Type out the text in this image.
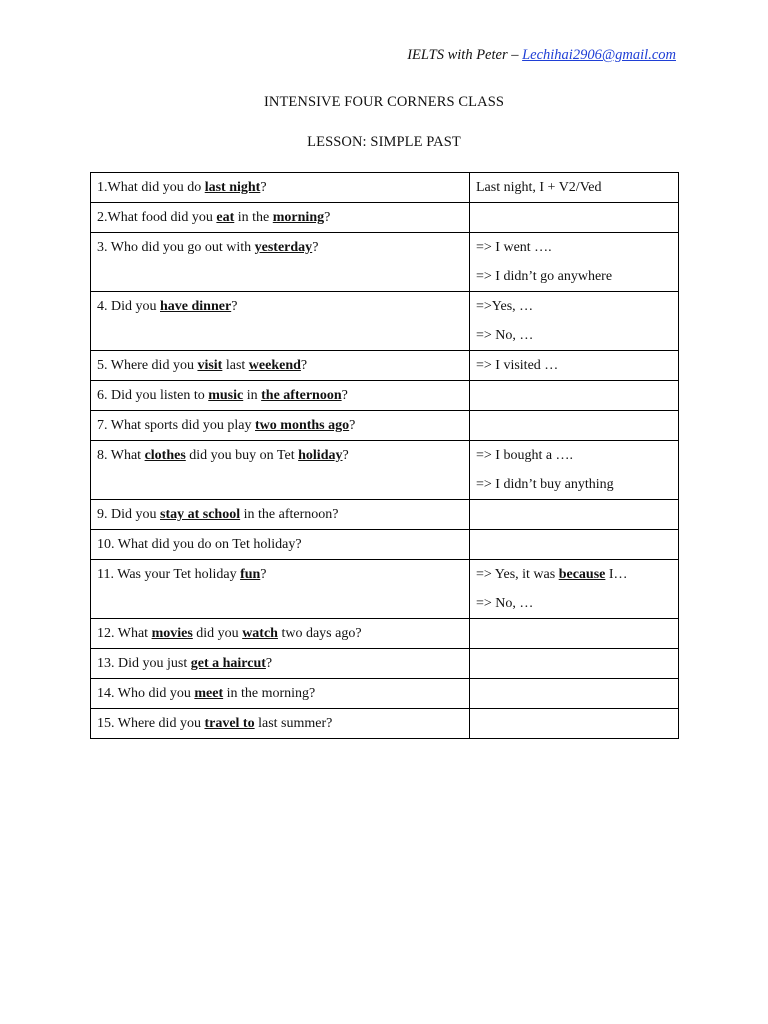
IELTS with Peter – Lechihai2906@gmail.com
INTENSIVE FOUR CORNERS CLASS
LESSON: SIMPLE PAST
1.What did you do last night?	Last night, I + V2/Ved

2.What food did you eat in the morning?	

3. Who did you go out with yesterday?	=> I went ….
=> I didn’t go anywhere

4. Did you have dinner?	=>Yes, …
=> No, …

5. Where did you visit last weekend?	=> I visited …

6. Did you listen to music in the afternoon?	

7. What sports did you play two months ago?	

8. What clothes did you buy on Tet holiday?	=> I bought a ….
=> I didn’t buy anything

9. Did you stay at school in the afternoon?	

10. What did you do on Tet holiday?	

11. Was your Tet holiday fun?	=> Yes, it was because I…
=> No, …

12. What movies did you watch two days ago?	

13. Did you just get a haircut?	

14. Who did you meet in the morning?	

15. Where did you travel to last summer?	
